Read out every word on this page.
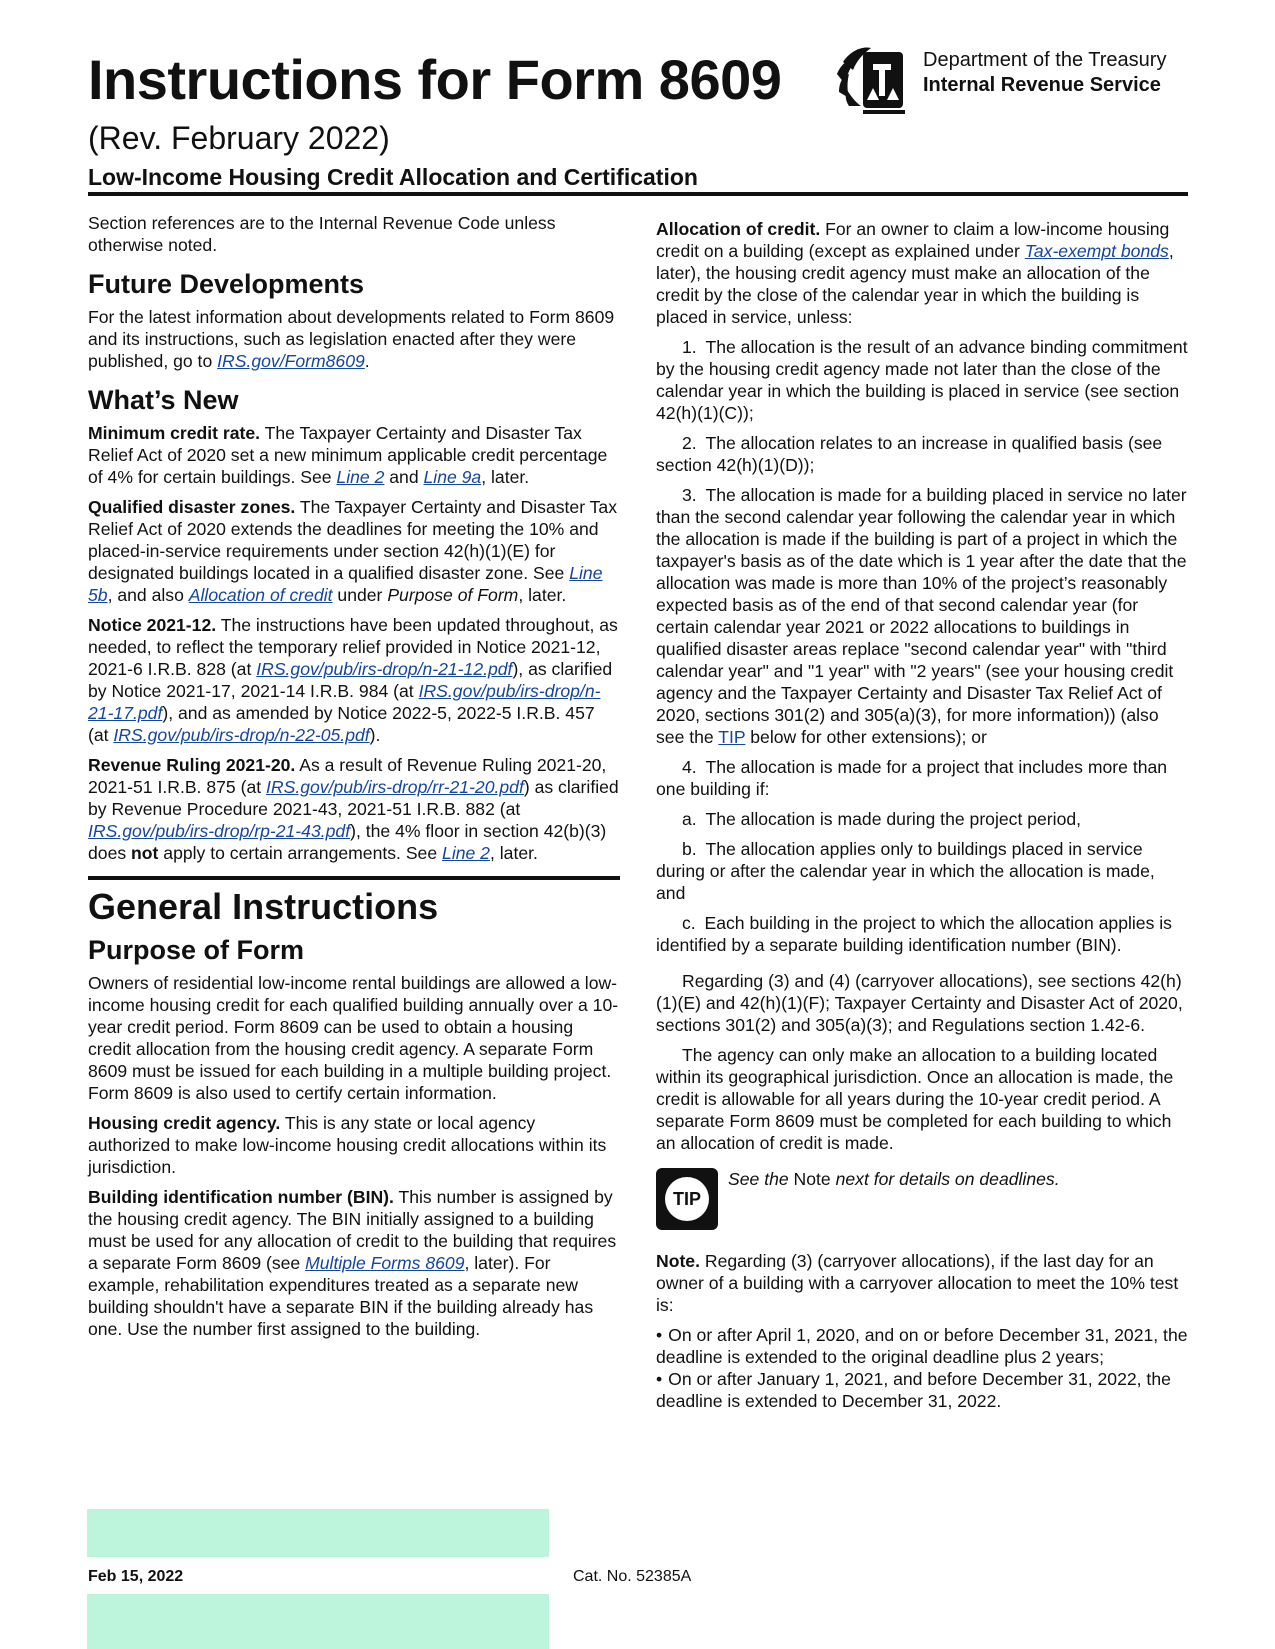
Instructions for Form 8609
(Rev. February 2022)
Low-Income Housing Credit Allocation and Certification
Department of the Treasury
Internal Revenue Service

Section references are to the Internal Revenue Code unless otherwise noted.

Future Developments

For the latest information about developments related to Form 8609 and its instructions, such as legislation enacted after they were published, go to IRS.gov/Form8609.

What’s New

Minimum credit rate. The Taxpayer Certainty and Disaster Tax Relief Act of 2020 set a new minimum applicable credit percentage of 4% for certain buildings. See Line 2 and Line 9a, later.

Qualified disaster zones. The Taxpayer Certainty and Disaster Tax Relief Act of 2020 extends the deadlines for meeting the 10% and placed-in-service requirements under section 42(h)(1)(E) for designated buildings located in a qualified disaster zone. See Line 5b, and also Allocation of credit under Purpose of Form, later.

Notice 2021-12. The instructions have been updated throughout, as needed, to reflect the temporary relief provided in Notice 2021-12, 2021-6 I.R.B. 828 (at IRS.gov/pub/irs-drop/n-21-12.pdf), as clarified by Notice 2021-17, 2021-14 I.R.B. 984 (at IRS.gov/pub/irs-drop/n-21-17.pdf), and as amended by Notice 2022-5, 2022-5 I.R.B. 457 (at IRS.gov/pub/irs-drop/n-22-05.pdf).

Revenue Ruling 2021-20. As a result of Revenue Ruling 2021-20, 2021-51 I.R.B. 875 (at IRS.gov/pub/irs-drop/rr-21-20.pdf) as clarified by Revenue Procedure 2021-43, 2021-51 I.R.B. 882 (at IRS.gov/pub/irs-drop/rp-21-43.pdf), the 4% floor in section 42(b)(3) does not apply to certain arrangements. See Line 2, later.

General Instructions
Purpose of Form

Owners of residential low-income rental buildings are allowed a low-income housing credit for each qualified building annually over a 10-year credit period. Form 8609 can be used to obtain a housing credit allocation from the housing credit agency. A separate Form 8609 must be issued for each building in a multiple building project. Form 8609 is also used to certify certain information.

Housing credit agency. This is any state or local agency authorized to make low-income housing credit allocations within its jurisdiction.

Building identification number (BIN). This number is assigned by the housing credit agency. The BIN initially assigned to a building must be used for any allocation of credit to the building that requires a separate Form 8609 (see Multiple Forms 8609, later). For example, rehabilitation expenditures treated as a separate new building shouldn't have a separate BIN if the building already has one. Use the number first assigned to the building.

Allocation of credit. For an owner to claim a low-income housing credit on a building (except as explained under Tax-exempt bonds, later), the housing credit agency must make an allocation of the credit by the close of the calendar year in which the building is placed in service, unless:

1. The allocation is the result of an advance binding commitment by the housing credit agency made not later than the close of the calendar year in which the building is placed in service (see section 42(h)(1)(C));

2. The allocation relates to an increase in qualified basis (see section 42(h)(1)(D));

3. The allocation is made for a building placed in service no later than the second calendar year following the calendar year in which the allocation is made if the building is part of a project in which the taxpayer's basis as of the date which is 1 year after the date that the allocation was made is more than 10% of the project’s reasonably expected basis as of the end of that second calendar year (for certain calendar year 2021 or 2022 allocations to buildings in qualified disaster areas replace "second calendar year" with "third calendar year" and "1 year" with "2 years" (see your housing credit agency and the Taxpayer Certainty and Disaster Tax Relief Act of 2020, sections 301(2) and 305(a)(3), for more information)) (also see the TIP below for other extensions); or

4. The allocation is made for a project that includes more than one building if:

a. The allocation is made during the project period,

b. The allocation applies only to buildings placed in service during or after the calendar year in which the allocation is made, and

c. Each building in the project to which the allocation applies is identified by a separate building identification number (BIN).

Regarding (3) and (4) (carryover allocations), see sections 42(h)(1)(E) and 42(h)(1)(F); Taxpayer Certainty and Disaster Act of 2020, sections 301(2) and 305(a)(3); and Regulations section 1.42-6.

The agency can only make an allocation to a building located within its geographical jurisdiction. Once an allocation is made, the credit is allowable for all years during the 10-year credit period. A separate Form 8609 must be completed for each building to which an allocation of credit is made.

TIP
See the Note next for details on deadlines.

Note. Regarding (3) (carryover allocations), if the last day for an owner of a building with a carryover allocation to meet the 10% test is:

• On or after April 1, 2020, and on or before December 31, 2021, the deadline is extended to the original deadline plus 2 years;

• On or after January 1, 2021, and before December 31, 2022, the deadline is extended to December 31, 2022.

Feb 15, 2022	Cat. No. 52385A
